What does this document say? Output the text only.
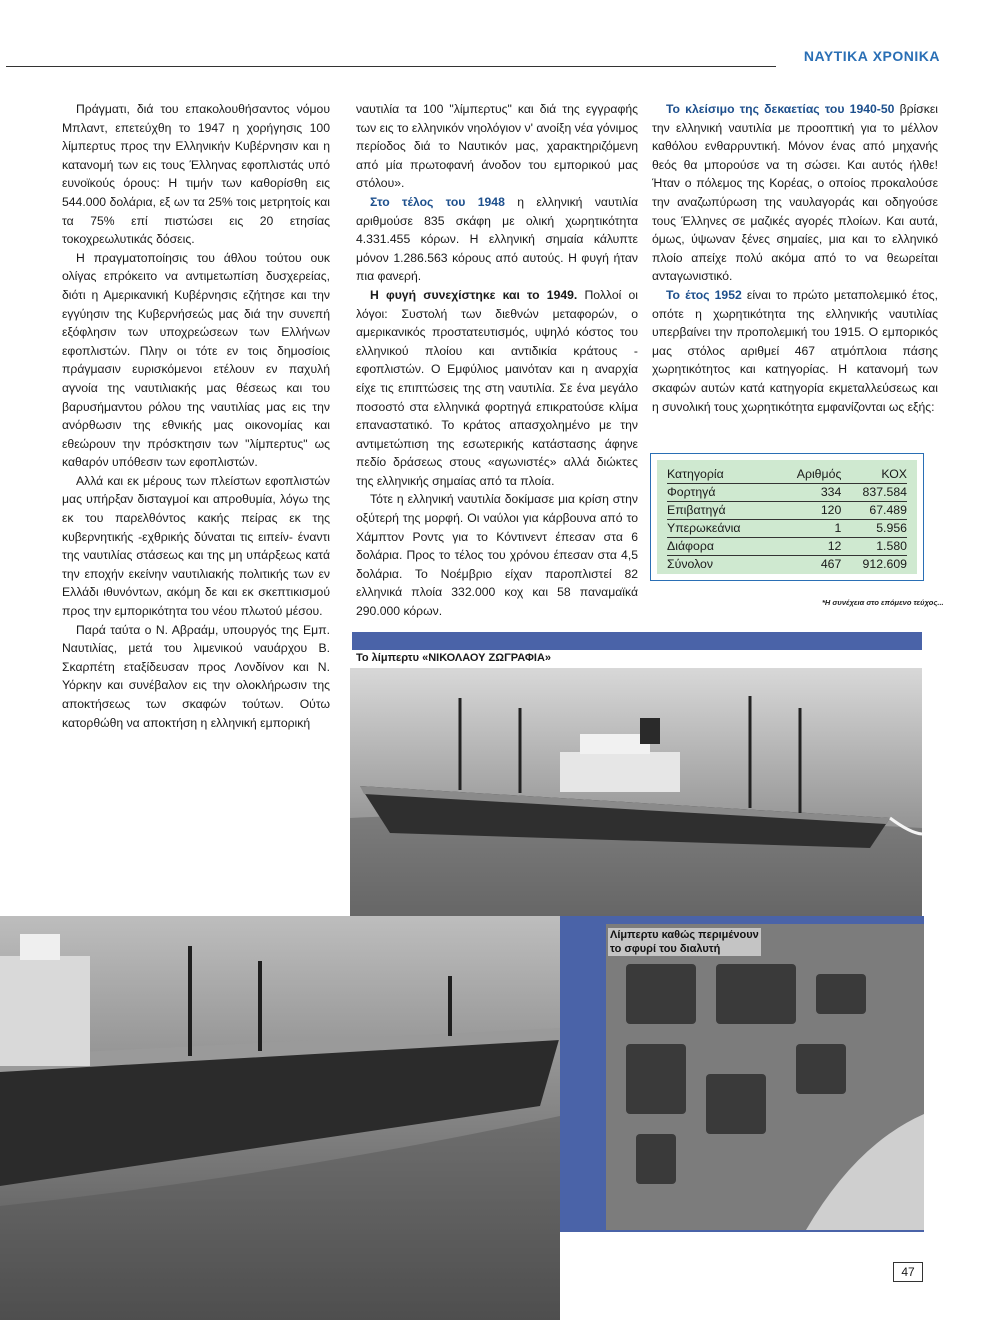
ΝΑΥΤΙΚΑ ΧΡΟΝΙΚΑ

Πράγματι, διά του επακολουθήσαντος νόμου Μπλαντ, επετεύχθη το 1947 η χορήγησις 100 λίμπερτυς προς την Ελληνικήν Κυβέρνησιν και η κατανομή των εις τους Έλληνας εφοπλιστάς υπό ευνοϊκούς όρους: Η τιμήν των καθορίσθη εις 544.000 δολάρια, εξ ων τα 25% τοις μετρητοίς και τα 75% επί πιστώσει εις 20 ετησίας τοκοχρεωλυτικάς δόσεις.

Η πραγματοποίησις του άθλου τούτου ουκ ολίγας επρόκειτο να αντιμετωπίση δυσχερείας, διότι η Αμερικανική Κυβέρνησις εζήτησε και την εγγύησιν της Κυβερνήσεώς μας διά την συνεπή εξόφλησιν των υποχρεώσεων των Ελλήνων εφοπλιστών. Πλην οι τότε εν τοις δημοσίοις πράγμασιν ευρισκόμενοι ετέλουν εν παχυλή αγνοία της ναυτιλιακής μας θέσεως και του βαρυσήμαντου ρόλου της ναυτιλίας μας εις την ανόρθωσιν της εθνικής μας οικονομίας και εθεώρουν την πρόσκτησιν των "λίμπερτυς" ως καθαρόν υπόθεσιν των εφοπλιστών.

Αλλά και εκ μέρους των πλείστων εφοπλιστών μας υπήρξαν δισταγμοί και απροθυμία, λόγω της εκ του παρελθόντος κακής πείρας εκ της κυβερνητικής -εχθρικής δύναται τις ειπείν- έναντι της ναυτιλίας στάσεως και της μη υπάρξεως κατά την εποχήν εκείνην ναυτιλιακής πολιτικής των εν Ελλάδι ιθυνόντων, ακόμη δε και εκ σκεπτικισμού προς την εμπορικότητα του νέου πλωτού μέσου.

Παρά ταύτα ο Ν. Αβραάμ, υπουργός της Εμπ. Ναυτιλίας, μετά του λιμενικού ναυάρχου Β. Σκαρπέτη εταξίδευσαν προς Λονδίνον και Ν. Υόρκην και συνέβαλον εις την ολοκλήρωσιν της αποκτήσεως των σκαφών τούτων. Ούτω κατορθώθη να αποκτήση η ελληνική εμπορική

ναυτιλία τα 100 "λίμπερτυς" και διά της εγγραφής των εις το ελληνικόν νηολόγιον ν' ανοίξη νέα γόνιμος περίοδος διά το Ναυτικόν μας, χαρακτηριζόμενη από μία πρωτοφανή άνοδον του εμπορικού μας στόλου».

Στο τέλος του 1948 η ελληνική ναυτιλία αριθμούσε 835 σκάφη με ολική χωρητικότητα 4.331.455 κόρων. Η ελληνική σημαία κάλυπτε μόνον 1.286.563 κόρους από αυτούς. Η φυγή ήταν πια φανερή.

Η φυγή συνεχίστηκε και το 1949. Πολλοί οι λόγοι: Συστολή των διεθνών μεταφορών, ο αμερικανικός προστατευτισμός, υψηλό κόστος του ελληνικού πλοίου και αντιδικία κράτους - εφοπλιστών. Ο Εμφύλιος μαινόταν και η αναρχία είχε τις επιπτώσεις της στη ναυτιλία. Σε ένα μεγάλο ποσοστό στα ελληνικά φορτηγά επικρατούσε κλίμα επαναστατικό. Το κράτος απασχολημένο με την αντιμετώπιση της εσωτερικής κατάστασης άφηνε πεδίο δράσεως στους «αγωνιστές» αλλά διώκτες της ελληνικής σημαίας από τα πλοία.

Τότε η ελληνική ναυτιλία δοκίμασε μια κρίση στην οξύτερή της μορφή. Οι ναύλοι για κάρβουνα από το Χάμπτον Ροντς για το Κόντινεντ έπεσαν στα 6 δολάρια. Προς το τέλος του χρόνου έπεσαν στα 4,5 δολάρια. Το Νοέμβριο είχαν παροπλιστεί 82 ελληνικά πλοία 332.000 κοχ και 58 παναμαϊκά 290.000 κόρων.

Το κλείσιμο της δεκαετίας του 1940-50 βρίσκει την ελληνική ναυτιλία με προοπτική για το μέλλον καθόλου ενθαρρυντική. Μόνον ένας από μηχανής θεός θα μπορούσε να τη σώσει. Και αυτός ήλθε! Ήταν ο πόλεμος της Κορέας, ο οποίος προκαλούσε την αναζωπύρωση της ναυλαγοράς και οδηγούσε τους Έλληνες σε μαζικές αγορές πλοίων. Και αυτά, όμως, ύψωναν ξένες σημαίες, μια και το ελληνικό πλοίο απείχε πολύ ακόμα από το να θεωρείται ανταγωνιστικό.

Το έτος 1952 είναι το πρώτο μεταπολεμικό έτος, οπότε η χωρητικότητα της ελληνικής ναυτιλίας υπερβαίνει την προπολεμική του 1915. Ο εμπορικός μας στόλος αριθμεί 467 ατμόπλοια πάσης χωρητικότητος και κατηγορίας. Η κατανομή των σκαφών αυτών κατά κατηγορία εκμεταλλεύσεως και η συνολική τους χωρητικότητα εμφανίζονται ως εξής:

Κατηγορία	Αριθμός	ΚΟΧ
Φορτηγά	334	837.584
Επιβατηγά	120	67.489
Υπερωκεάνια	1	5.956
Διάφορα	12	1.580
Σύνολον	467	912.609
*Η συνέχεια στο επόμενο τεύχος...
Το λίμπερτυ «ΝΙΚΟΛΑΟΥ ΖΩΓΡΑΦΙΑ»
Λίμπερτυ καθώς περιμένουν
το σφυρί του διαλυτή
47
